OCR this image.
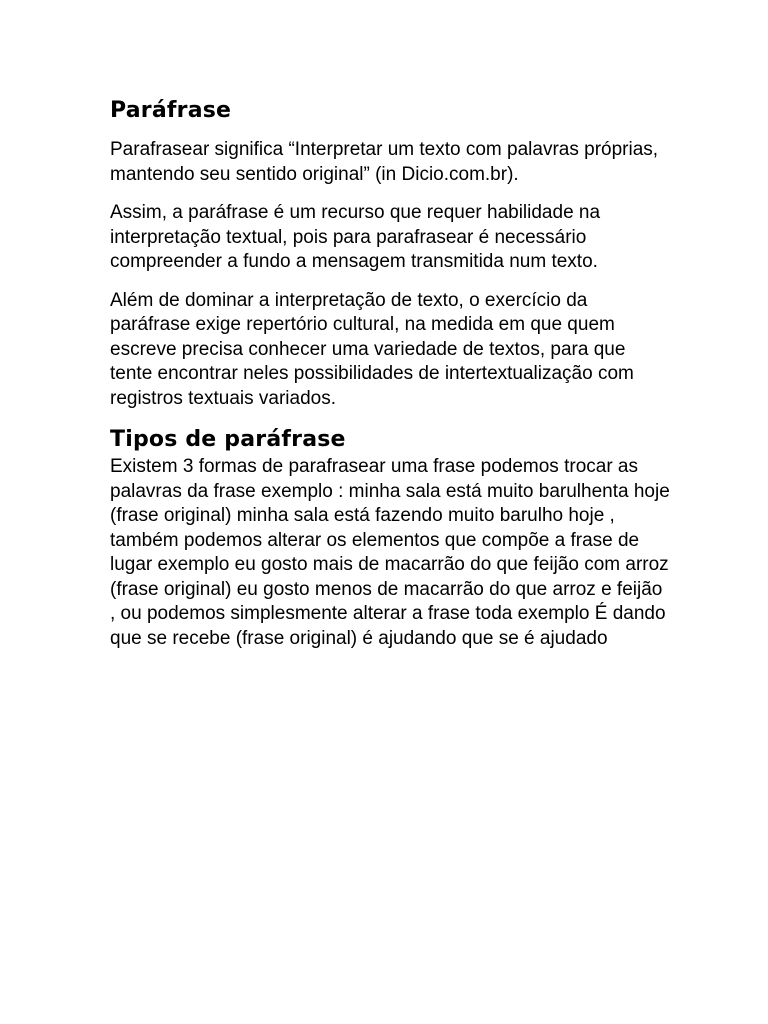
Paráfrase

Parafrasear significa “Interpretar um texto com palavras próprias, mantendo seu sentido original” (in Dicio.com.br).

Assim, a paráfrase é um recurso que requer habilidade na interpretação textual, pois para parafrasear é necessário compreender a fundo a mensagem transmitida num texto.

Além de dominar a interpretação de texto, o exercício da paráfrase exige repertório cultural, na medida em que quem escreve precisa conhecer uma variedade de textos, para que tente encontrar neles possibilidades de intertextualização com registros textuais variados.

Tipos de paráfrase

Existem 3 formas de parafrasear uma frase podemos trocar as palavras da frase exemplo : minha sala está muito barulhenta hoje (frase original) minha sala está fazendo muito barulho hoje , também podemos alterar os elementos que compõe a frase de lugar exemplo eu gosto mais de macarrão do que feijão com arroz (frase original) eu gosto menos de macarrão do que arroz e feijão , ou podemos simplesmente alterar a frase toda exemplo É dando que se recebe (frase original) é ajudando que se é ajudado
